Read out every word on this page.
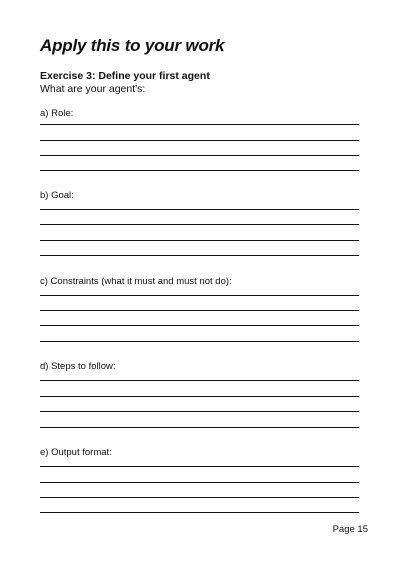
Apply this to your work
Exercise 3: Define your first agent
What are your agent's:
a) Role:
b) Goal:
c) Constraints (what it must and must not do):
d) Steps to follow:
e) Output format:
Page 15
